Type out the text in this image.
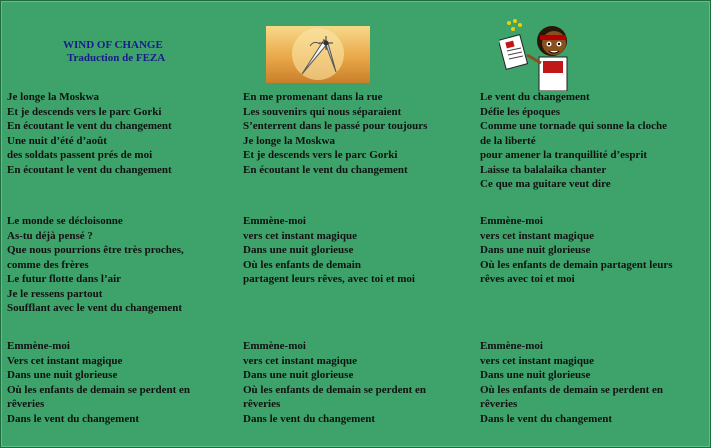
WIND OF CHANGE
Traduction de FEZA
Je longe la Moskwa
Et je descends vers le parc Gorki
En écoutant le vent du changement
Une nuit d’été d’août
des soldats passent prés de moi
En écoutant le vent du changement
En me promenant dans la rue
Les souvenirs qui nous séparaient
S’enterrent dans le passé pour toujours
Je longe la Moskwa
Et je descends vers le parc Gorki
En écoutant le vent du changement
Le vent du changement
Défie les époques
Comme une tornade qui sonne la cloche
de la liberté
pour amener la tranquillité d’esprit
Laisse ta balalaika chanter
Ce que ma guitare veut dire
Le monde se décloisonne
As-tu déjà pensé ?
Que nous pourrions être très proches,
comme des frères
Le futur flotte dans l’air
Je le ressens partout
Soufflant avec le vent du changement
Emmène-moi
vers cet instant magique
Dans une nuit glorieuse
Où les enfants de demain
partagent leurs rêves, avec toi et moi
Emmène-moi
vers cet instant magique
Dans une nuit glorieuse
Où les enfants de demain partagent leurs
rêves avec toi et moi
Emmène-moi
Vers cet instant magique
Dans une nuit glorieuse
Où les enfants de demain se perdent en
rêveries
Dans le vent du changement
Emmène-moi
vers cet instant magique
Dans une nuit glorieuse
Où les enfants de demain se perdent en
rêveries
Dans le vent du changement
Emmène-moi
vers cet instant magique
Dans une nuit glorieuse
Où les enfants de demain se perdent en
rêveries
Dans le vent du changement
